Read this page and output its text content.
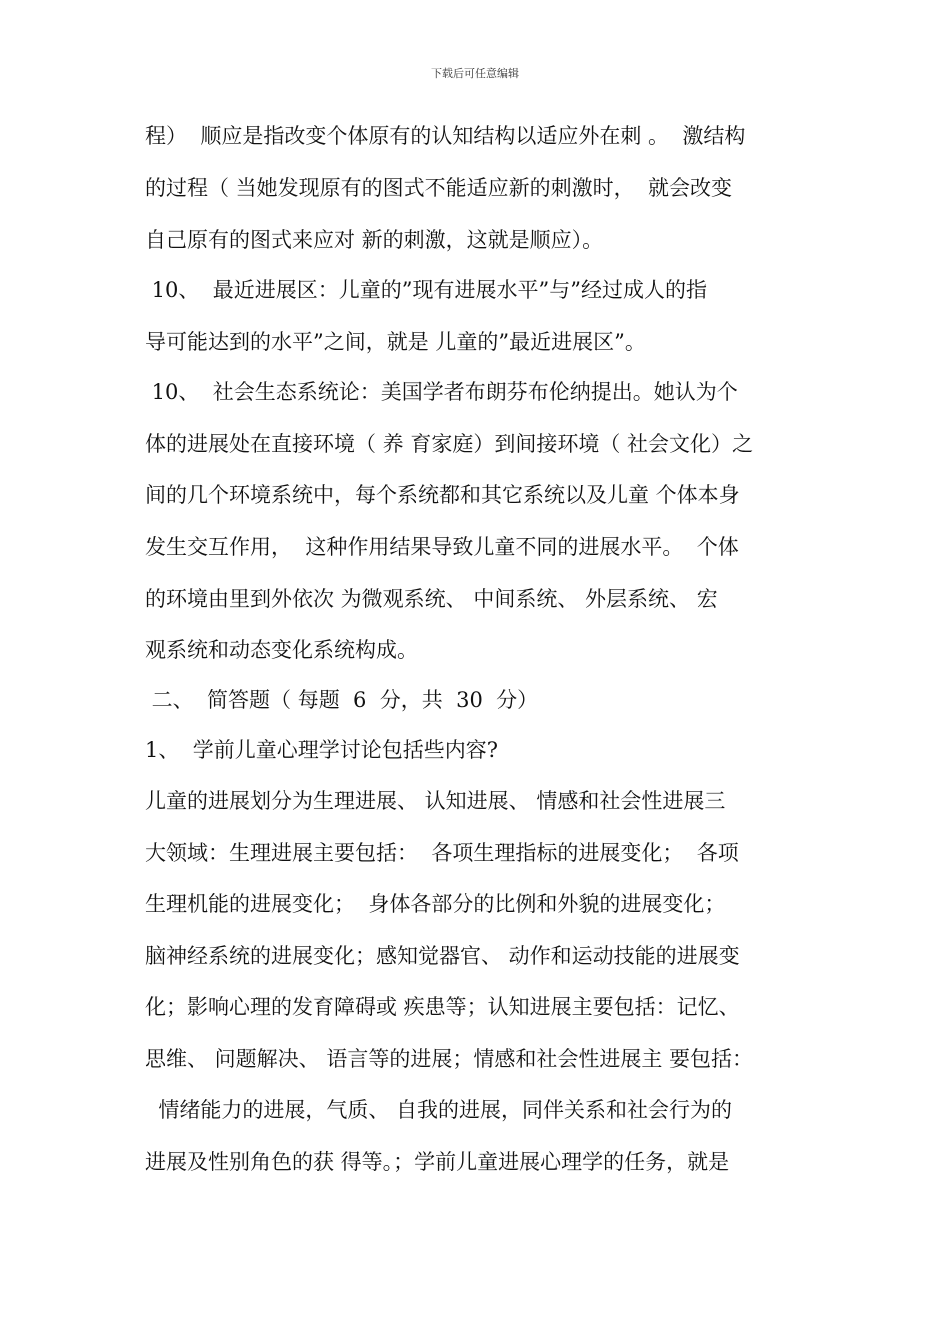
下载后可任意编辑
程）  顺应是指改变个体原有的认知结构以适应外在刺 。  激结构
的过程（ 当她发现原有的图式不能适应新的刺激时，  就会改变
自己原有的图式来应对 新的刺激，这就是顺应）。
10、  最近进展区：儿童的”现有进展水平”与”经过成人的指
导可能达到的水平”之间，就是 儿童的”最近进展区”。
10、  社会生态系统论：美国学者布朗芬布伦纳提出。她认为个
体的进展处在直接环境（ 养 育家庭）到间接环境（ 社会文化）之
间的几个环境系统中，每个系统都和其它系统以及儿童 个体本身
发生交互作用，  这种作用结果导致儿童不同的进展水平。  个体
的环境由里到外依次 为微观系统、 中间系统、 外层系统、 宏
观系统和动态变化系统构成。
二、  简答题（ 每题  6  分，共  30  分）
1、  学前儿童心理学讨论包括些内容?
儿童的进展划分为生理进展、 认知进展、 情感和社会性进展三
大领域：生理进展主要包括：  各项生理指标的进展变化；  各项
生理机能的进展变化；  身体各部分的比例和外貌的进展变化；
脑神经系统的进展变化；感知觉器官、 动作和运动技能的进展变
化；影响心理的发育障碍或 疾患等；认知进展主要包括：记忆、
思维、 问题解决、 语言等的进展；情感和社会性进展主 要包括：
情绪能力的进展，气质、 自我的进展，同伴关系和社会行为的
进展及性别角色的获 得等。；学前儿童进展心理学的任务，就是
